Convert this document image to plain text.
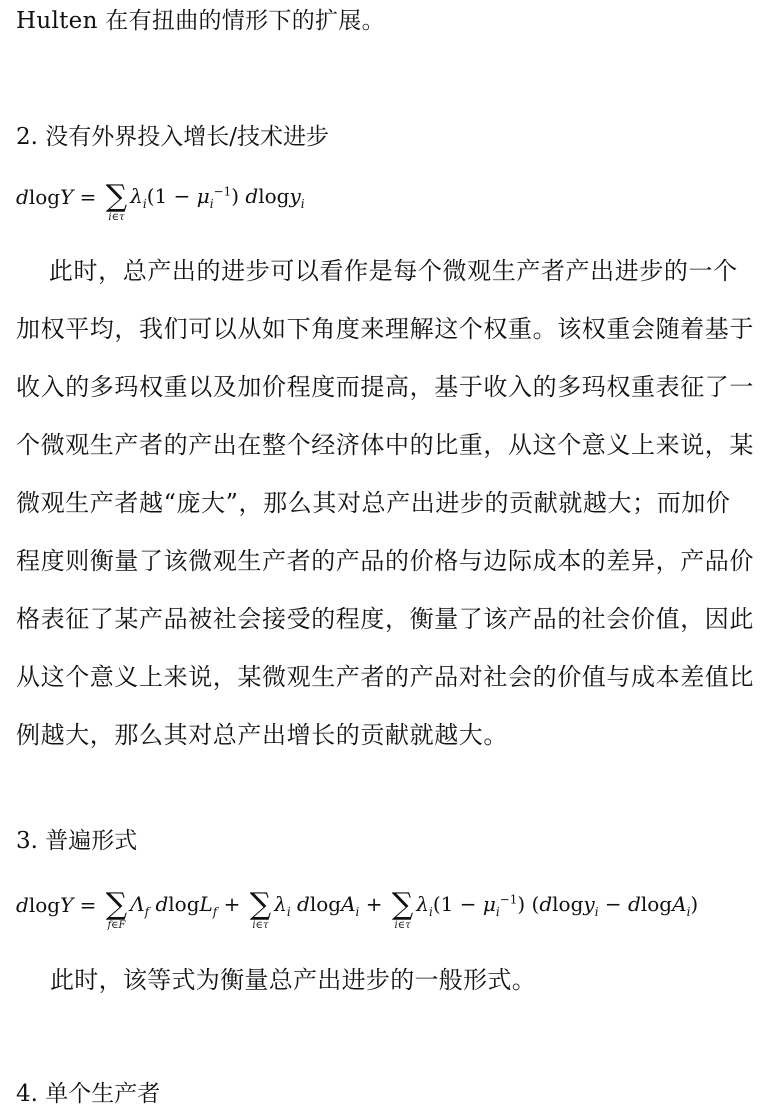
Hulten 在有扭曲的情形下的扩展。
2. 没有外界投入增长/技术进步
dlogY = ∑
i∈τ
$\lambda_i(1 - \mu_i^{-1})$ dlogy$_i$
此时，总产出的进步可以看作是每个微观生产者产出进步的一个
加权平均，我们可以从如下角度来理解这个权重。该权重会随着基于
收入的多玛权重以及加价程度而提高，基于收入的多玛权重表征了一
个微观生产者的产出在整个经济体中的比重，从这个意义上来说，某
微观生产者越“庞大”，那么其对总产出进步的贡献就越大；而加价
程度则衡量了该微观生产者的产品的价格与边际成本的差异，产品价
格表征了某产品被社会接受的程度，衡量了该产品的社会价值，因此
从这个意义上来说，某微观生产者的产品对社会的价值与成本差值比
例越大，那么其对总产出增长的贡献就越大。
3. 普遍形式
dlogY = ∑
f∈F
$\Lambda_f$ dlogL$_f$ + ∑
i∈τ
$\lambda_i$ dlogA$_i$ + ∑
i∈τ
$\lambda_i(1 - \mu_i^{-1}) (dlogy_i - dlogA_i)$
此时，该等式为衡量总产出进步的一般形式。
4. 单个生产者
